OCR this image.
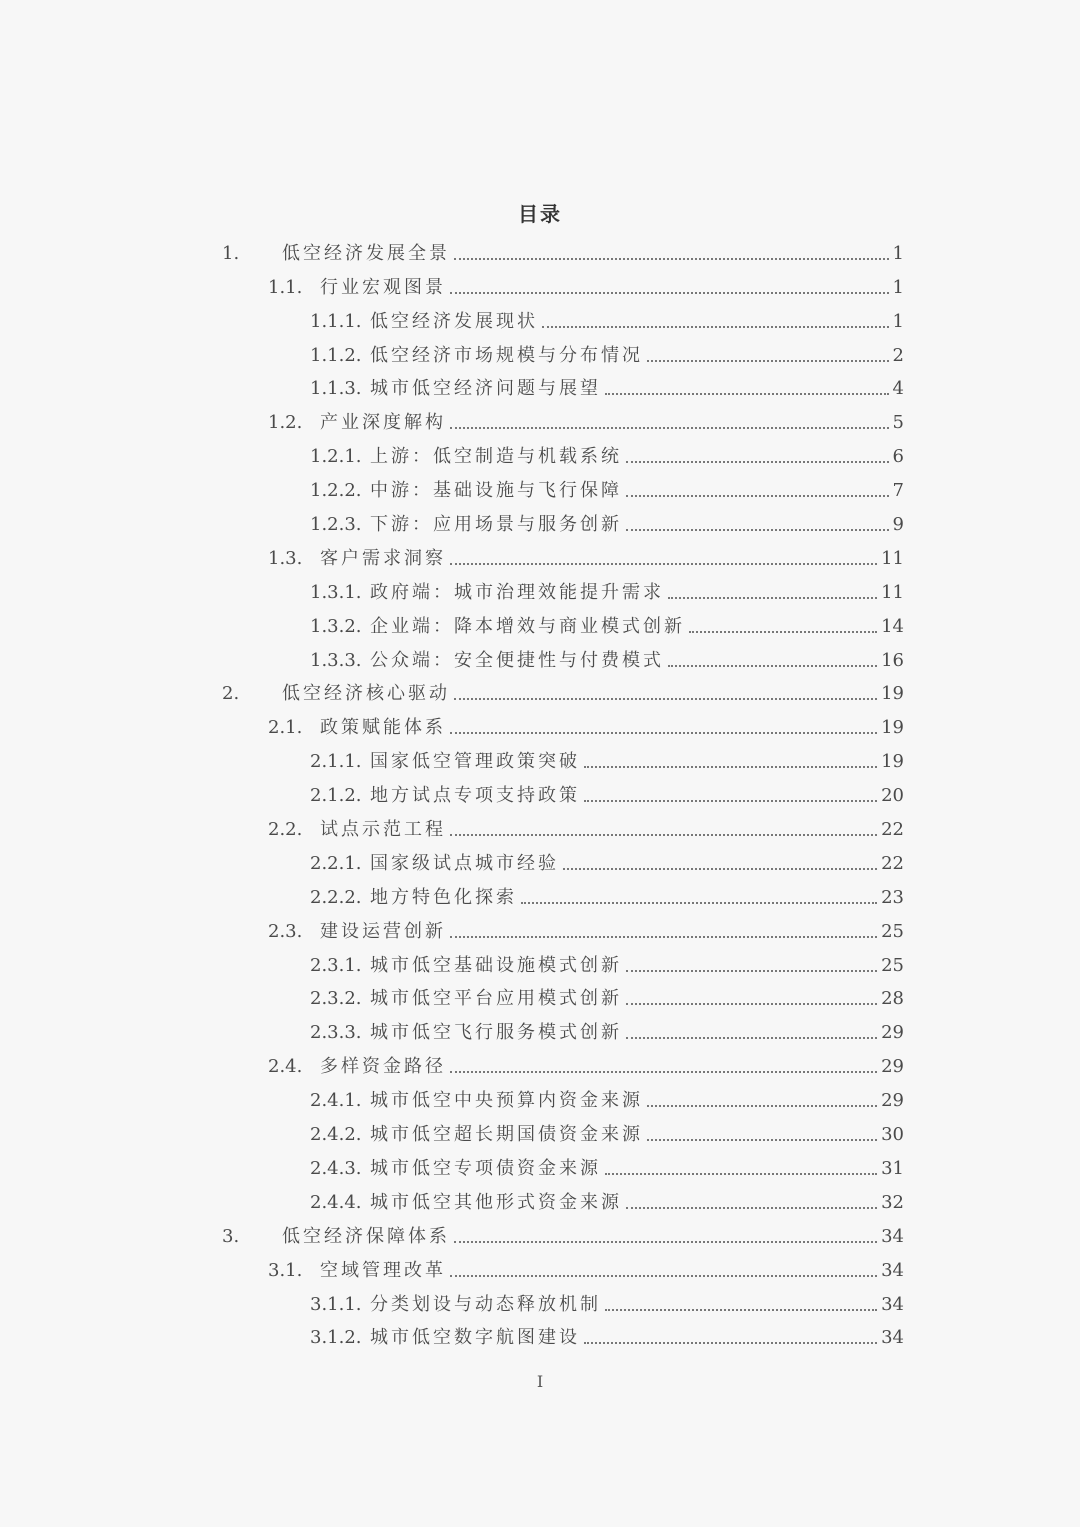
目录
1.	低空经济发展全景	1
1.1. 行业宏观图景	1
1.1.1. 低空经济发展现状	1
1.1.2. 低空经济市场规模与分布情况	2
1.1.3. 城市低空经济问题与展望	4
1.2. 产业深度解构	5
1.2.1. 上游：低空制造与机载系统	6
1.2.2. 中游：基础设施与飞行保障	7
1.2.3. 下游：应用场景与服务创新	9
1.3. 客户需求洞察	11
1.3.1. 政府端：城市治理效能提升需求	11
1.3.2. 企业端：降本增效与商业模式创新	14
1.3.3. 公众端：安全便捷性与付费模式	16
2.	低空经济核心驱动	19
2.1. 政策赋能体系	19
2.1.1. 国家低空管理政策突破	19
2.1.2. 地方试点专项支持政策	20
2.2. 试点示范工程	22
2.2.1. 国家级试点城市经验	22
2.2.2. 地方特色化探索	23
2.3. 建设运营创新	25
2.3.1. 城市低空基础设施模式创新	25
2.3.2. 城市低空平台应用模式创新	28
2.3.3. 城市低空飞行服务模式创新	29
2.4. 多样资金路径	29
2.4.1. 城市低空中央预算内资金来源	29
2.4.2. 城市低空超长期国债资金来源	30
2.4.3. 城市低空专项债资金来源	31
2.4.4. 城市低空其他形式资金来源	32
3.	低空经济保障体系	34
3.1. 空域管理改革	34
3.1.1. 分类划设与动态释放机制	34
3.1.2. 城市低空数字航图建设	34
I
